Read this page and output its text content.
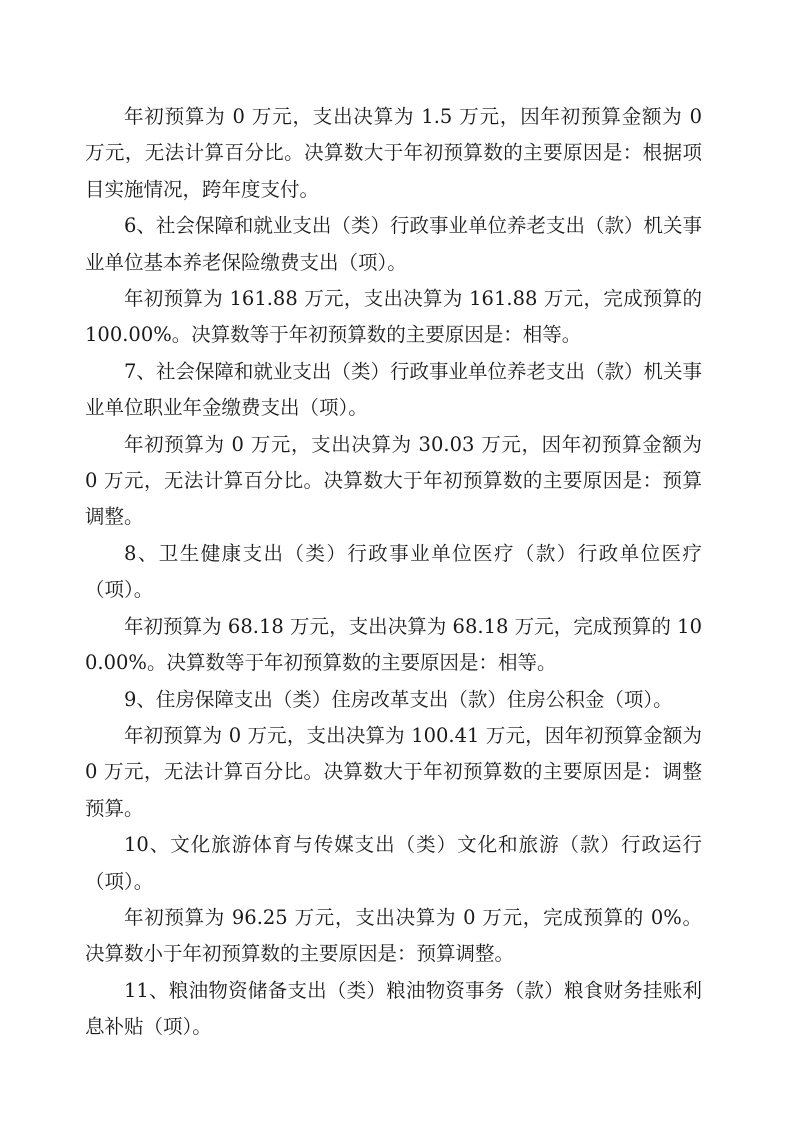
年初预算为 0 万元，支出决算为 1.5 万元，因年初预算金额为 0 万元，无法计算百分比。决算数大于年初预算数的主要原因是：根据项目实施情况，跨年度支付。

6、社会保障和就业支出（类）行政事业单位养老支出（款）机关事业单位基本养老保险缴费支出（项）。

年初预算为 161.88 万元，支出决算为 161.88 万元，完成预算的 100.00%。决算数等于年初预算数的主要原因是：相等。

7、社会保障和就业支出（类）行政事业单位养老支出（款）机关事业单位职业年金缴费支出（项）。

年初预算为 0 万元，支出决算为 30.03 万元，因年初预算金额为 0 万元，无法计算百分比。决算数大于年初预算数的主要原因是：预算调整。

8、卫生健康支出（类）行政事业单位医疗（款）行政单位医疗（项）。

年初预算为 68.18 万元，支出决算为 68.18 万元，完成预算的 100.00%。决算数等于年初预算数的主要原因是：相等。

9、住房保障支出（类）住房改革支出（款）住房公积金（项）。

年初预算为 0 万元，支出决算为 100.41 万元，因年初预算金额为 0 万元，无法计算百分比。决算数大于年初预算数的主要原因是：调整预算。

10、文化旅游体育与传媒支出（类）文化和旅游（款）行政运行（项）。

年初预算为 96.25 万元，支出决算为 0 万元，完成预算的 0%。决算数小于年初预算数的主要原因是：预算调整。

11、粮油物资储备支出（类）粮油物资事务（款）粮食财务挂账利息补贴（项）。
